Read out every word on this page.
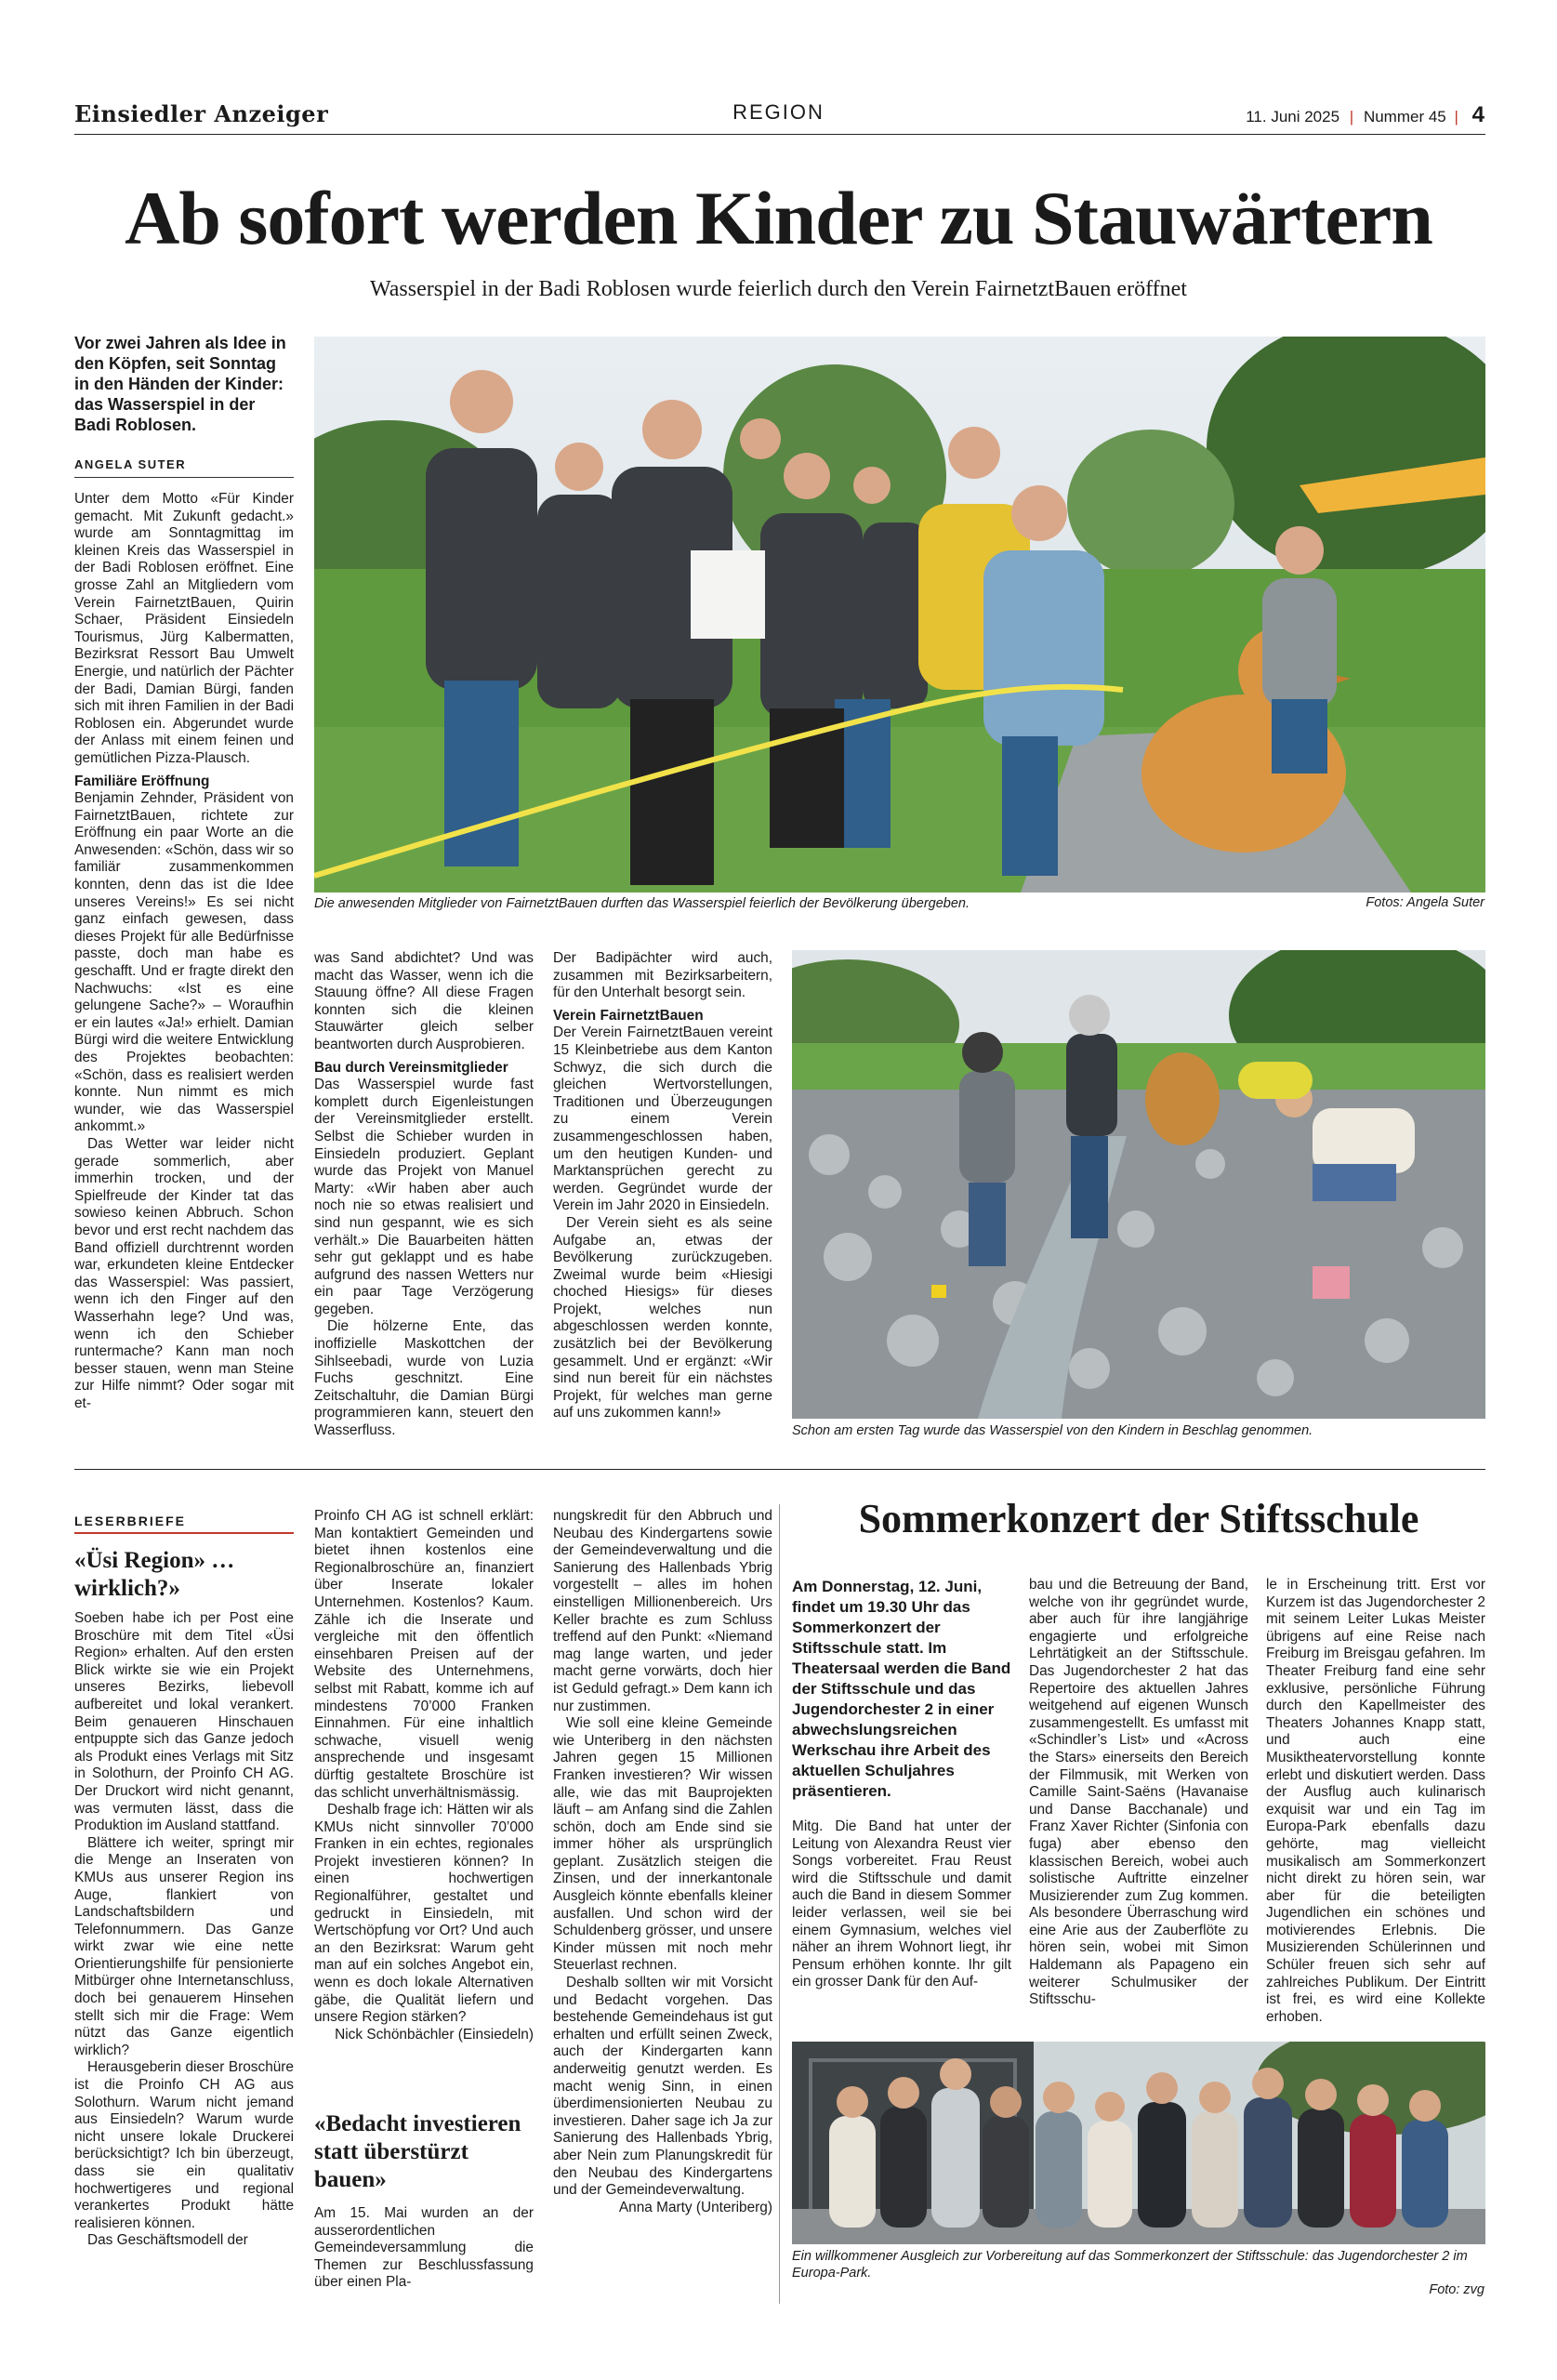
Einsiedler Anzeiger	REGION	11. Juni 2025 | Nummer 45 | 4
Ab sofort werden Kinder zu Stauwärtern
Wasserspiel in der Badi Roblosen wurde feierlich durch den Verein FairnetztBauen eröffnet
Vor zwei Jahren als Idee in den Köpfen, seit Sonntag in den Händen der Kinder: das Wasserspiel in der Badi Roblosen.
ANGELA SUTER

Unter dem Motto «Für Kinder gemacht. Mit Zukunft gedacht.» wurde am Sonntagmittag im kleinen Kreis das Wasserspiel in der Badi Roblosen eröffnet. Eine grosse Zahl an Mitgliedern vom Verein FairnetztBauen, Quirin Schaer, Präsident Einsiedeln Tourismus, Jürg Kalbermatten, Bezirksrat Ressort Bau Umwelt Energie, und natürlich der Pächter der Badi, Damian Bürgi, fanden sich mit ihren Familien in der Badi Roblosen ein. Abgerundet wurde der Anlass mit einem feinen und gemütlichen Pizza-Plausch.

Familiäre Eröffnung

Benjamin Zehnder, Präsident von FairnetztBauen, richtete zur Eröffnung ein paar Worte an die Anwesenden: «Schön, dass wir so familiär zusammenkommen konnten, denn das ist die Idee unseres Vereins!» Es sei nicht ganz einfach gewesen, dass dieses Projekt für alle Bedürfnisse passte, doch man habe es geschafft. Und er fragte direkt den Nachwuchs: «Ist es eine gelungene Sache?» – Woraufhin er ein lautes «Ja!» erhielt. Damian Bürgi wird die weitere Entwicklung des Projektes beobachten: «Schön, dass es realisiert werden konnte. Nun nimmt es mich wunder, wie das Wasserspiel ankommt.»

Das Wetter war leider nicht gerade sommerlich, aber immerhin trocken, und der Spielfreude der Kinder tat das sowieso keinen Abbruch. Schon bevor und erst recht nachdem das Band offiziell durchtrennt worden war, erkundeten kleine Entdecker das Wasserspiel: Was passiert, wenn ich den Finger auf den Wasserhahn lege? Und was, wenn ich den Schieber runtermache? Kann man noch besser stauen, wenn man Steine zur Hilfe nimmt? Oder sogar mit et-

Die anwesenden Mitglieder von FairnetztBauen durften das Wasserspiel feierlich der Bevölkerung übergeben.	Fotos: Angela Suter

was Sand abdichtet? Und was macht das Wasser, wenn ich die Stauung öffne? All diese Fragen konnten sich die kleinen Stauwärter gleich selber beantworten durch Ausprobieren.

Bau durch Vereinsmitglieder

Das Wasserspiel wurde fast komplett durch Eigenleistungen der Vereinsmitglieder erstellt. Selbst die Schieber wurden in Einsiedeln produziert. Geplant wurde das Projekt von Manuel Marty: «Wir haben aber auch noch nie so etwas realisiert und sind nun gespannt, wie es sich verhält.» Die Bauarbeiten hätten sehr gut geklappt und es habe aufgrund des nassen Wetters nur ein paar Tage Verzögerung gegeben.

Die hölzerne Ente, das inoffizielle Maskottchen der Sihlseebadi, wurde von Luzia Fuchs geschnitzt. Eine Zeitschaltuhr, die Damian Bürgi programmieren kann, steuert den Wasserfluss.

Der Badipächter wird auch, zusammen mit Bezirksarbeitern, für den Unterhalt besorgt sein.

Verein FairnetztBauen

Der Verein FairnetztBauen vereint 15 Kleinbetriebe aus dem Kanton Schwyz, die sich durch die gleichen Wertvorstellungen, Traditionen und Überzeugungen zu einem Verein zusammengeschlossen haben, um den heutigen Kunden- und Marktansprüchen gerecht zu werden. Gegründet wurde der Verein im Jahr 2020 in Einsiedeln.

Der Verein sieht es als seine Aufgabe an, etwas der Bevölkerung zurückzugeben. Zweimal wurde beim «Hiesigi choched Hiesigs» für dieses Projekt, welches nun abgeschlossen werden konnte, zusätzlich bei der Bevölkerung gesammelt. Und er ergänzt: «Wir sind nun bereit für ein nächstes Projekt, für welches man gerne auf uns zukommen kann!»

Schon am ersten Tag wurde das Wasserspiel von den Kindern in Beschlag genommen.
LESERBRIEFE
«Üsi Region» … wirklich?»

Soeben habe ich per Post eine Broschüre mit dem Titel «Üsi Region» erhalten. Auf den ersten Blick wirkte sie wie ein Projekt unseres Bezirks, liebevoll aufbereitet und lokal verankert. Beim genaueren Hinschauen entpuppte sich das Ganze jedoch als Produkt eines Verlags mit Sitz in Solothurn, der Proinfo CH AG. Der Druckort wird nicht genannt, was vermuten lässt, dass die Produktion im Ausland stattfand.

Blättere ich weiter, springt mir die Menge an Inseraten von KMUs aus unserer Region ins Auge, flankiert von Landschaftsbildern und Telefonnummern. Das Ganze wirkt zwar wie eine nette Orientierungshilfe für pensionierte Mitbürger ohne Internetanschluss, doch bei genauerem Hinsehen stellt sich mir die Frage: Wem nützt das Ganze eigentlich wirklich?

Herausgeberin dieser Broschüre ist die Proinfo CH AG aus Solothurn. Warum nicht jemand aus Einsiedeln? Warum wurde nicht unsere lokale Druckerei berücksichtigt? Ich bin überzeugt, dass sie ein qualitativ hochwertigeres und regional verankertes Produkt hätte realisieren können.

Das Geschäftsmodell der

Proinfo CH AG ist schnell erklärt: Man kontaktiert Gemeinden und bietet ihnen kostenlos eine Regionalbroschüre an, finanziert über Inserate lokaler Unternehmen. Kostenlos? Kaum. Zähle ich die Inserate und vergleiche mit den öffentlich einsehbaren Preisen auf der Website des Unternehmens, selbst mit Rabatt, komme ich auf mindestens 70’000 Franken Einnahmen. Für eine inhaltlich schwache, visuell wenig ansprechende und insgesamt dürftig gestaltete Broschüre ist das schlicht unverhältnismässig.

Deshalb frage ich: Hätten wir als KMUs nicht sinnvoller 70’000 Franken in ein echtes, regionales Projekt investieren können? In einen hochwertigen Regionalführer, gestaltet und gedruckt in Einsiedeln, mit Wertschöpfung vor Ort? Und auch an den Bezirksrat: Warum geht man auf ein solches Angebot ein, wenn es doch lokale Alternativen gäbe, die Qualität liefern und unsere Region stärken?

Nick Schönbächler (Einsiedeln)
«Bedacht investieren statt überstürzt bauen»

Am 15. Mai wurden an der ausserordentlichen Gemeindeversammlung die Themen zur Beschlussfassung über einen Pla-

nungskredit für den Abbruch und Neubau des Kindergartens sowie der Gemeindeverwaltung und die Sanierung des Hallenbads Ybrig vorgestellt – alles im hohen einstelligen Millionenbereich. Urs Keller brachte es zum Schluss treffend auf den Punkt: «Niemand mag lange warten, und jeder macht gerne vorwärts, doch hier ist Geduld gefragt.» Dem kann ich nur zustimmen.

Wie soll eine kleine Gemeinde wie Unteriberg in den nächsten Jahren gegen 15 Millionen Franken investieren? Wir wissen alle, wie das mit Bauprojekten läuft – am Anfang sind die Zahlen schön, doch am Ende sind sie immer höher als ursprünglich geplant. Zusätzlich steigen die Zinsen, und der innerkantonale Ausgleich könnte ebenfalls kleiner ausfallen. Und schon wird der Schuldenberg grösser, und unsere Kinder müssen mit noch mehr Steuerlast rechnen.

Deshalb sollten wir mit Vorsicht und Bedacht vorgehen. Das bestehende Gemeindehaus ist gut erhalten und erfüllt seinen Zweck, auch der Kindergarten kann anderweitig genutzt werden. Es macht wenig Sinn, in einen überdimensionierten Neubau zu investieren. Daher sage ich Ja zur Sanierung des Hallenbads Ybrig, aber Nein zum Planungskredit für den Neubau des Kindergartens und der Gemeindeverwaltung.

Anna Marty (Unteriberg)
Sommerkonzert der Stiftsschule
Am Donnerstag, 12. Juni, findet um 19.30 Uhr das Sommerkonzert der Stiftsschule statt. Im Theatersaal werden die Band der Stiftsschule und das Jugendorchester 2 in einer abwechslungsreichen Werkschau ihre Arbeit des aktuellen Schuljahres präsentieren.

Mitg. Die Band hat unter der Leitung von Alexandra Reust vier Songs vorbereitet. Frau Reust wird die Stiftsschule und damit auch die Band in diesem Sommer leider verlassen, weil sie bei einem Gymnasium, welches viel näher an ihrem Wohnort liegt, ihr Pensum erhöhen konnte. Ihr gilt ein grosser Dank für den Auf-

bau und die Betreuung der Band, welche von ihr gegründet wurde, aber auch für ihre langjährige engagierte und erfolgreiche Lehrtätigkeit an der Stiftsschule. Das Jugendorchester 2 hat das Repertoire des aktuellen Jahres weitgehend auf eigenen Wunsch zusammengestellt. Es umfasst mit «Schindler’s List» und «Across the Stars» einerseits den Bereich der Filmmusik, mit Werken von Camille Saint-Saëns (Havanaise und Danse Bacchanale) und Franz Xaver Richter (Sinfonia con fuga) aber ebenso den klassischen Bereich, wobei auch solistische Auftritte einzelner Musizierender zum Zug kommen. Als besondere Überraschung wird eine Arie aus der Zauberflöte zu hören sein, wobei mit Simon Haldemann als Papageno ein weiterer Schulmusiker der Stiftsschu-

le in Erscheinung tritt. Erst vor Kurzem ist das Jugendorchester 2 mit seinem Leiter Lukas Meister übrigens auf eine Reise nach Freiburg im Breisgau gefahren. Im Theater Freiburg fand eine sehr exklusive, persönliche Führung durch den Kapellmeister des Theaters Johannes Knapp statt, und auch eine Musiktheatervorstellung konnte erlebt und diskutiert werden. Dass der Ausflug auch kulinarisch exquisit war und ein Tag im Europa-Park ebenfalls dazu gehörte, mag vielleicht musikalisch am Sommerkonzert nicht direkt zu hören sein, war aber für die beteiligten Jugendlichen ein schönes und motivierendes Erlebnis. Die Musizierenden Schülerinnen und Schüler freuen sich sehr auf zahlreiches Publikum. Der Eintritt ist frei, es wird eine Kollekte erhoben.

Ein willkommener Ausgleich zur Vorbereitung auf das Sommerkonzert der Stiftsschule: das Jugendorchester 2 im Europa-Park.
Foto: zvg
